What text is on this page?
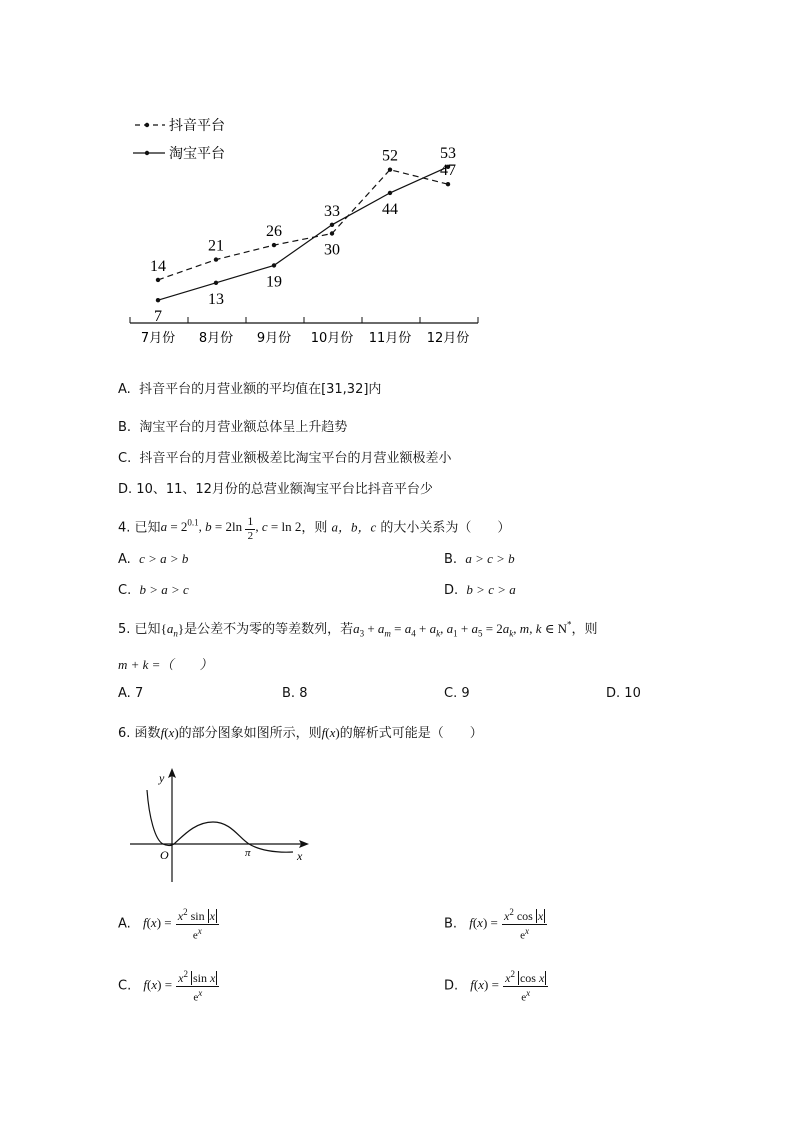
抖音平台
淘宝平台
14
21
26
30
52
47
7
13
19
33	44
53
7月份 8月份 9月份 10月份 11月份 12月份
A. 抖音平台的月营业额的平均值在[31,32]内
B. 淘宝平台的月营业额总体呈上升趋势
C. 抖音平台的月营业额极差比淘宝平台的月营业额极差小
D. 10、11、12月份的总营业额淘宝平台比抖音平台少
4. 已知$a = 2^{0.1}$, $b = 2\ln \frac{1}{2}$ , c = ln 2，则 a，b，c 的大小关系为（　　）
A. c > a > b	B. a > c > b
C. b > a > c	D. b > c > a
5. 已知$\{a_n\}$是公差不为零的等差数列，若$a_3 + a_m = a_4 + a_k$, $a_1 + a_5 = 2a_k$, m, k ∈ N*，则
m + k =（　　）
A. 7	B. 8	C. 9	D. 10
6. 函数f(x)的部分图象如图所示，则f(x)的解析式可能是（　　）
y
x
O	π
A. $f(x) = \frac{x^2 \sin x}{e^x}$	B. $f(x) = \frac{x^2 \cos x}{e^x}$
C. $f(x) = \frac{x^2 \sin x}{e^x}$	D. $f(x) = \frac{x^2 \cos x}{e^x}$
